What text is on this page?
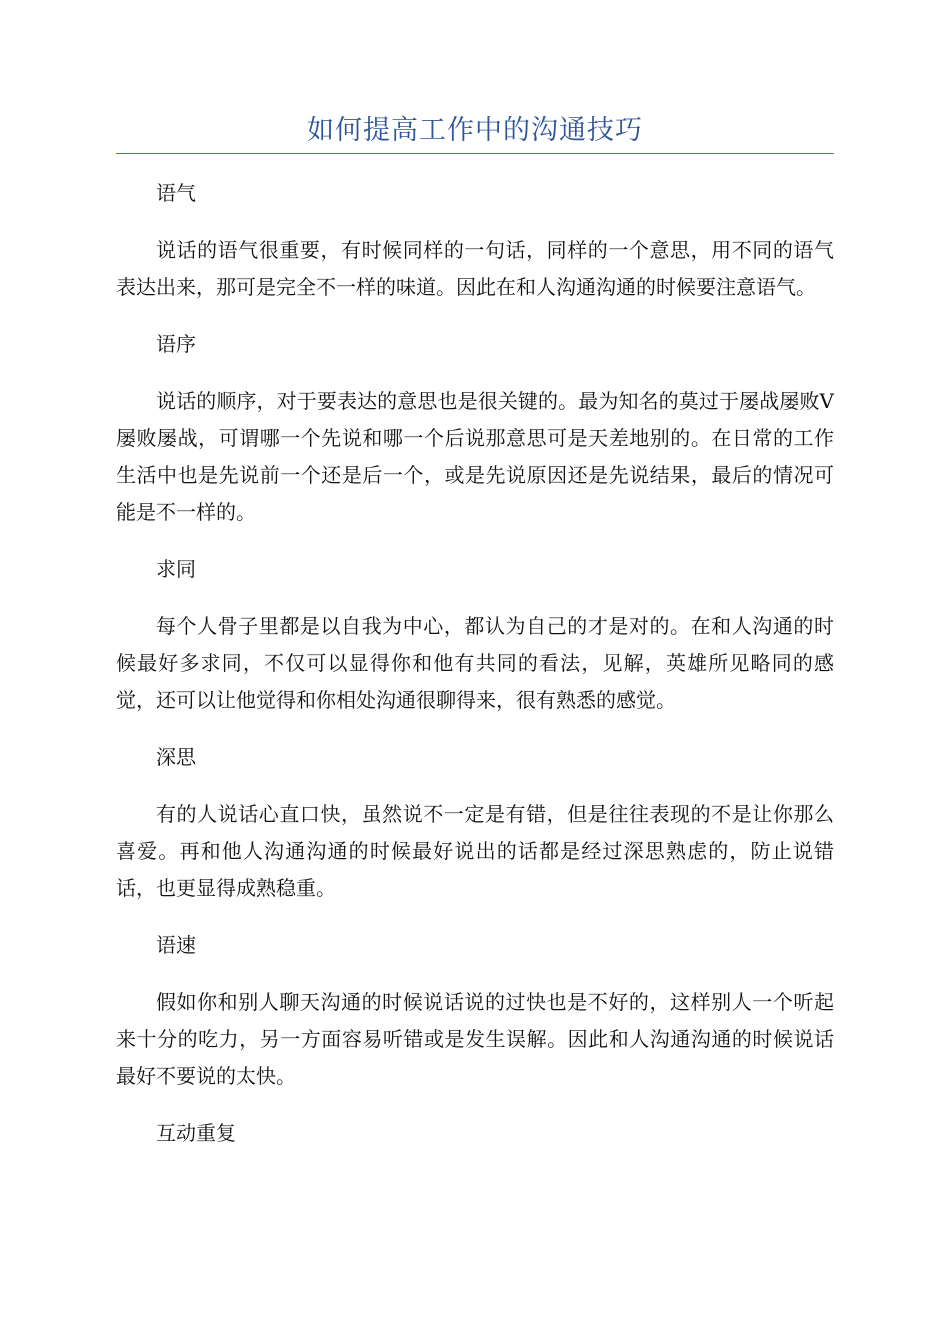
如何提高工作中的沟通技巧

语气

说话的语气很重要，有时候同样的一句话，同样的一个意思，用不同的语气表达出来，那可是完全不一样的味道。因此在和人沟通沟通的时候要注意语气。

语序

说话的顺序，对于要表达的意思也是很关键的。最为知名的莫过于屡战屡败V屡败屡战，可谓哪一个先说和哪一个后说那意思可是天差地别的。在日常的工作生活中也是先说前一个还是后一个，或是先说原因还是先说结果，最后的情况可能是不一样的。

求同

每个人骨子里都是以自我为中心，都认为自己的才是对的。在和人沟通的时候最好多求同，不仅可以显得你和他有共同的看法，见解，英雄所见略同的感觉，还可以让他觉得和你相处沟通很聊得来，很有熟悉的感觉。

深思

有的人说话心直口快，虽然说不一定是有错，但是往往表现的不是让你那么喜爱。再和他人沟通沟通的时候最好说出的话都是经过深思熟虑的，防止说错话，也更显得成熟稳重。

语速

假如你和别人聊天沟通的时候说话说的过快也是不好的，这样别人一个听起来十分的吃力，另一方面容易听错或是发生误解。因此和人沟通沟通的时候说话最好不要说的太快。

互动重复
